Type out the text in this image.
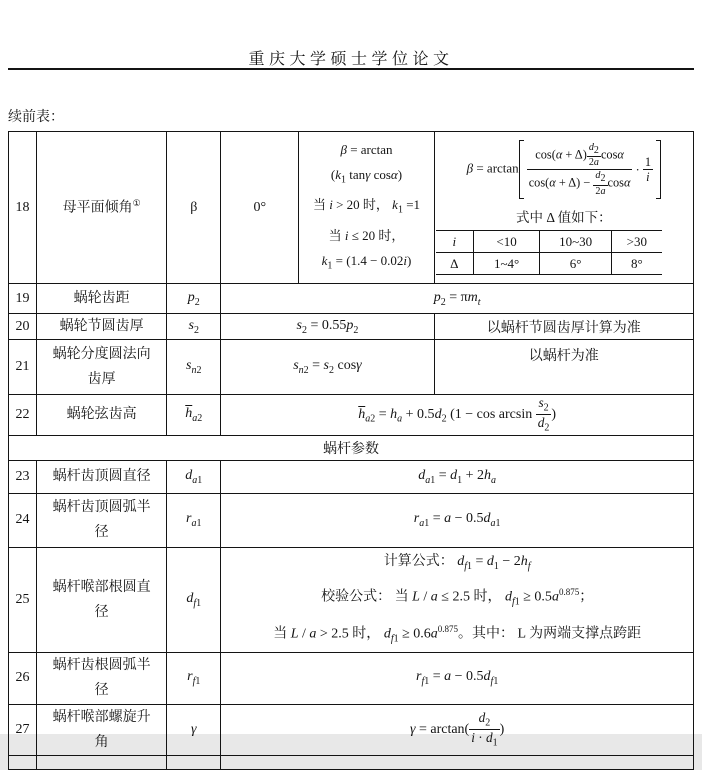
重庆大学硕士学位论文
续前表：
18	母平面倾角①	β	0°	
β = arctan
($k_1$ tanγ cosα)
当 i > 20 时， $k_1 =1$
当 i ≤ 20 时，
$k_1 = (1.4 - 0.02i)$

β = arctan
$\cos(\alpha + \Delta) \frac{d_2}{2a}$ cosα
$\cos(\alpha + \Delta) - \frac{d_2}{2a}$ cosα
· 1
i
式中 Δ 值如下：
i	<10	10~30	>30
Δ	1~4°	6°	8°

19	蜗轮齿距	$p_2$	$p_2 = \pi m_t$
20	蜗轮节圆齿厚	$s_2$	$s_2 = 0.55p_2$	以蜗杆节圆齿厚计算为准
21	蜗轮分度圆法向
齿厚	$s_{n2}$	$s_{n2} = s_2$ cosγ	以蜗杆为准
22	蜗轮弦齿高	$\overline{h}_{a2}$	$\overline{h}_{a2} = h_a + 0.5d_2$ ($1 - \cos \arcsin \frac{s_2}{d_2}$ )
蜗杆参数
23	蜗杆齿顶圆直径	$d_{a1}$	$d_{a1} = d_1 + 2h_a$
24	蜗杆齿顶圆弧半
径	$r_{a1}$	$r_{a1} = a - 0.5d_{a1}$
25	蜗杆喉部根圆直
径	$d_{f1}$	
计算公式： $d_{f1} = d_1 - 2h_f$
校验公式： 当 L / a ≤ 2.5 时， $d_{f1} \ge 0.5a^{0.875}$；
当 L / a > 2.5 时， $d_{f1} \ge 0.6a^{0.875}$。其中： L 为两端支撑点跨距

26	蜗杆齿根圆弧半
径	$r_{f1}$	$r_{f1} = a - 0.5d_{f1}$
27	蜗杆喉部螺旋升
角	γ	$\gamma = \arctan( \frac{d_2}{i \cdot d_1}$ )
